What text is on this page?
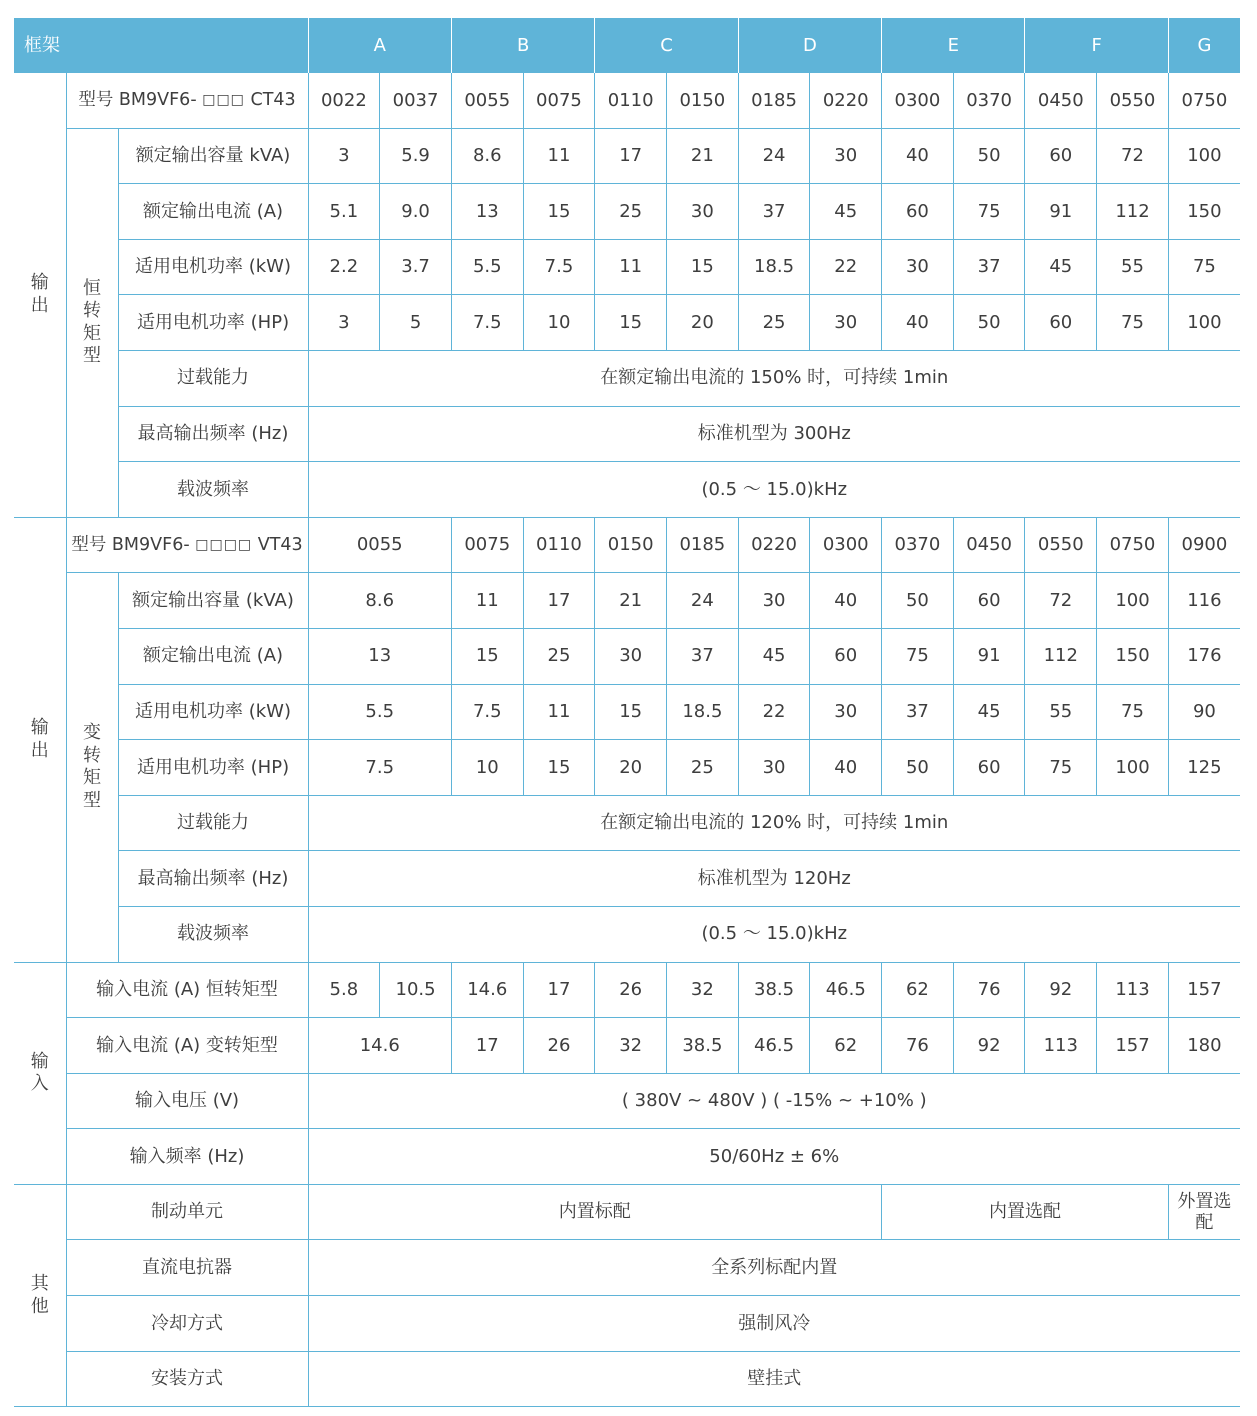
框架			A		B		C		D		E		F		G
输出	型号 BM9VF6- □□□ CT43		0022	0037	0055	0075	0110	0150	0185	0220	0300	0370	0450	0550	0750
	恒转矩型	额定输出容量 kVA)	3	5.9	8.6	11	17	21	24	30	40	50	60	72	100
		额定输出电流 (A)	5.1	9.0	13	15	25	30	37	45	60	75	91	112	150
		适用电机功率 (kW)	2.2	3.7	5.5	7.5	11	15	18.5	22	30	37	45	55	75
		适用电机功率 (HP)	3	5	7.5	10	15	20	25	30	40	50	60	75	100
		过载能力	在额定输出电流的 150% 时，可持续 1min												
		最高输出频率 (Hz)	标准机型为 300Hz												
		载波频率	(0.5 ～ 15.0)kHz												
输出	型号 BM9VF6- □□□□ VT43		0055		0075	0110	0150	0185	0220	0300	0370	0450	0550	0750	0900
	变转矩型	额定输出容量 (kVA)	8.6		11	17	21	24	30	40	50	60	72	100	116
		额定输出电流 (A)	13		15	25	30	37	45	60	75	91	112	150	176
		适用电机功率 (kW)	5.5		7.5	11	15	18.5	22	30	37	45	55	75	90
		适用电机功率 (HP)	7.5		10	15	20	25	30	40	50	60	75	100	125
		过载能力	在额定输出电流的 120% 时，可持续 1min												
		最高输出频率 (Hz)	标准机型为 120Hz												
		载波频率	(0.5 ～ 15.0)kHz												
输入	输入电流 (A) 恒转矩型		5.8	10.5	14.6	17	26	32	38.5	46.5	62	76	92	113	157
	输入电流 (A) 变转矩型		14.6		17	26	32	38.5	46.5	62	76	92	113	157	180
	输入电压 (V)		( 380V ~ 480V ) ( -15% ~ +10% )												
	输入频率 (Hz)		50/60Hz ± 6%												
其他	制动单元		内置标配								内置选配				外置选配
	直流电抗器		全系列标配内置												
	冷却方式		强制风冷												
	安装方式		壁挂式												
